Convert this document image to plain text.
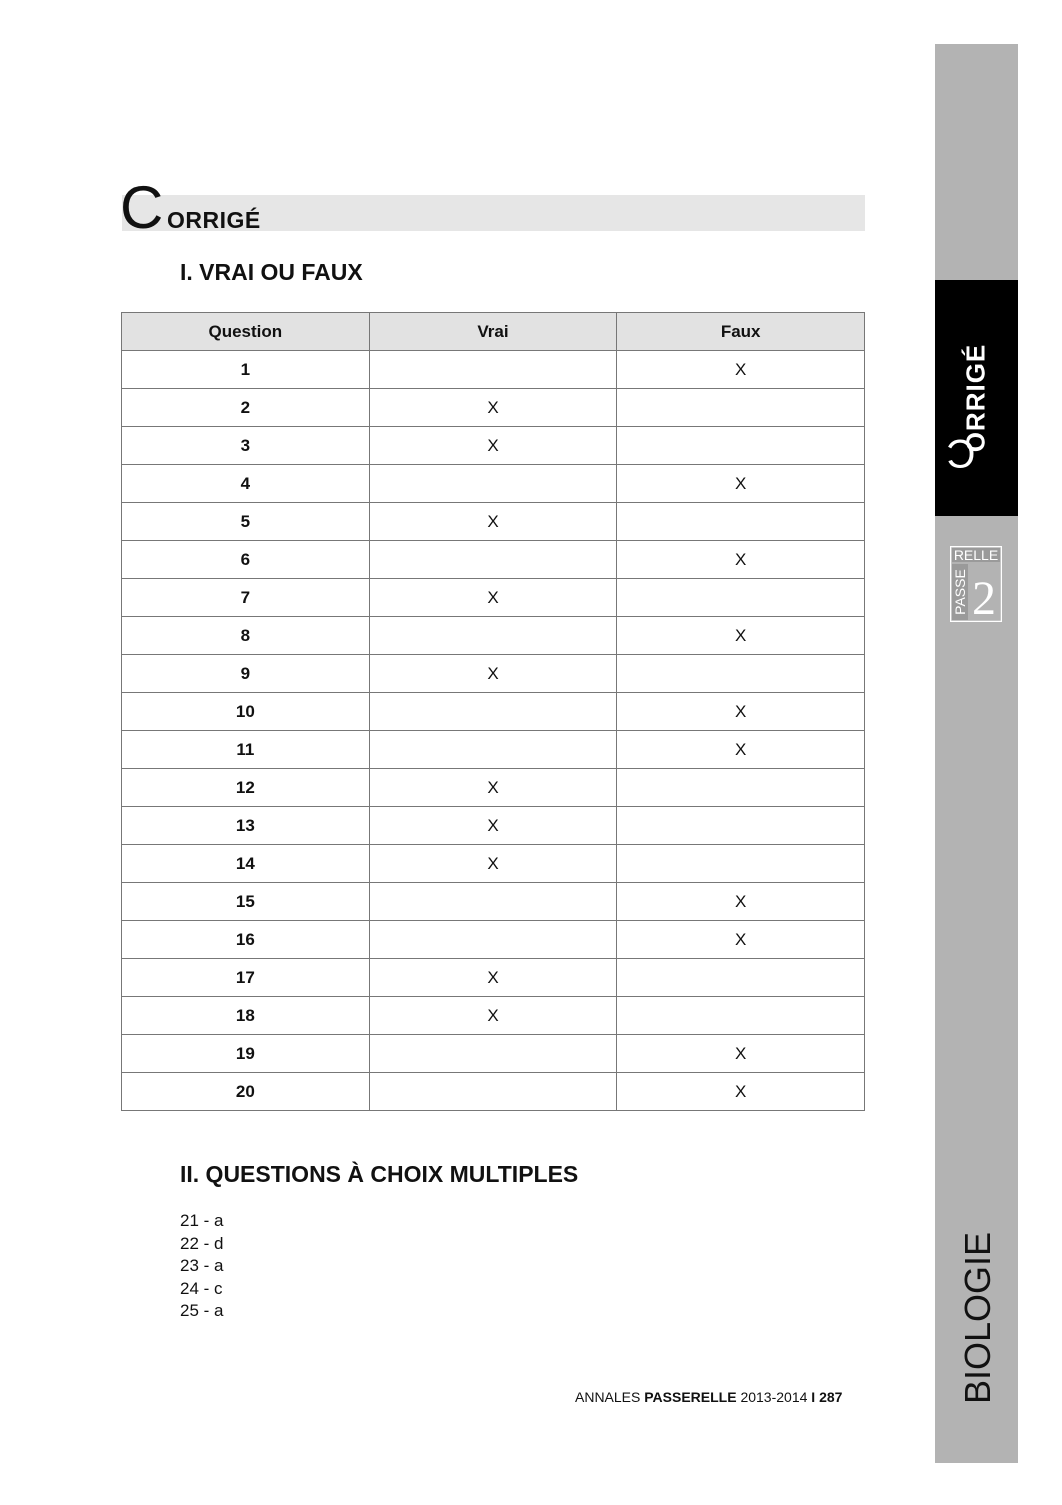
C ORRIGÉ
I. VRAI OU FAUX
Question	Vrai	Faux
1		X
2	X	
3	X	
4		X
5	X	
6		X
7	X	
8		X
9	X	
10		X
11		X
12	X	
13	X	
14	X	
15		X
16		X
17	X	
18	X	
19		X
20		X
II. QUESTIONS À CHOIX MULTIPLES
21 - a
22 - d
23 - a
24 - c
25 - a
ANNALES PASSERELLE 2013-2014 I 287
C
ORRIGÉ
RELLE
PASSE 2
BIOLOGIE
